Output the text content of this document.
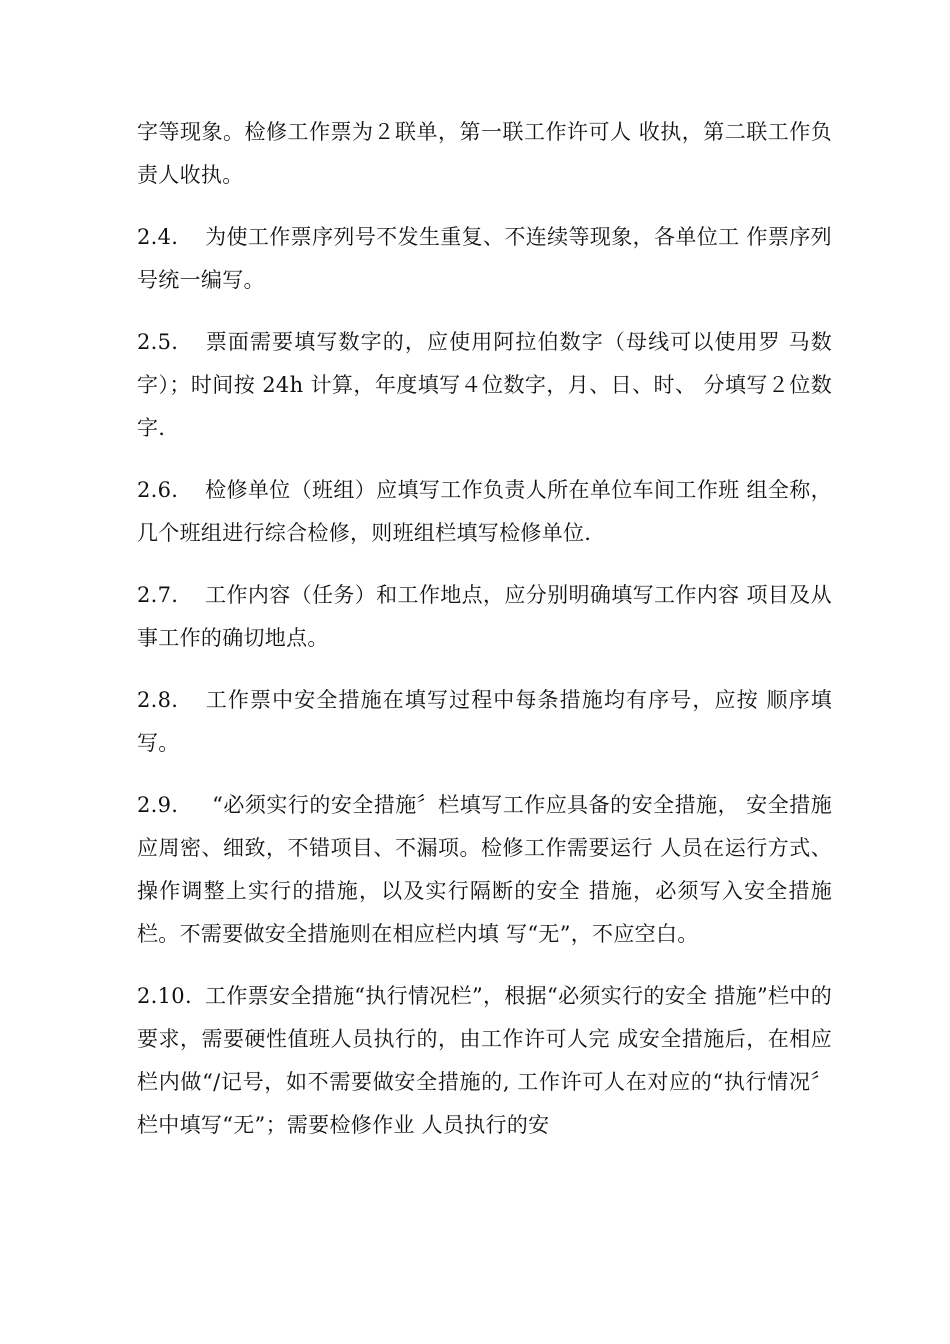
字等现象。检修工作票为２联单，第一联工作许可人 收执，第二联工作负责人收执。

2.4. 为使工作票序列号不发生重复、不连续等现象，各单位工 作票序列号统一编写。

2.5. 票面需要填写数字的，应使用阿拉伯数字（母线可以使用罗 马数字）；时间按 24h 计算，年度填写４位数字，月、日、时、 分填写２位数字.

2.6. 检修单位（班组）应填写工作负责人所在单位车间工作班 组全称，几个班组进行综合检修，则班组栏填写检修单位.

2.7. 工作内容（任务）和工作地点，应分别明确填写工作内容 项目及从事工作的确切地点。

2.8. 工作票中安全措施在填写过程中每条措施均有序号，应按 顺序填写。

2.9. “必须实行的安全措施〞栏填写工作应具备的安全措施， 安全措施应周密、细致，不错项目、不漏项。检修工作需要运行 人员在运行方式、操作调整上实行的措施，以及实行隔断的安全 措施，必须写入安全措施栏。不需要做安全措施则在相应栏内填 写“无”，不应空白。

2.10. 工作票安全措施“执行情况栏”，根据“必须实行的安全 措施”栏中的要求，需要硬性值班人员执行的，由工作许可人完 成安全措施后，在相应栏内做“/记号，如不需要做安全措施的, 工作许可人在对应的“执行情况〞栏中填写“无”；需要检修作业 人员执行的安
